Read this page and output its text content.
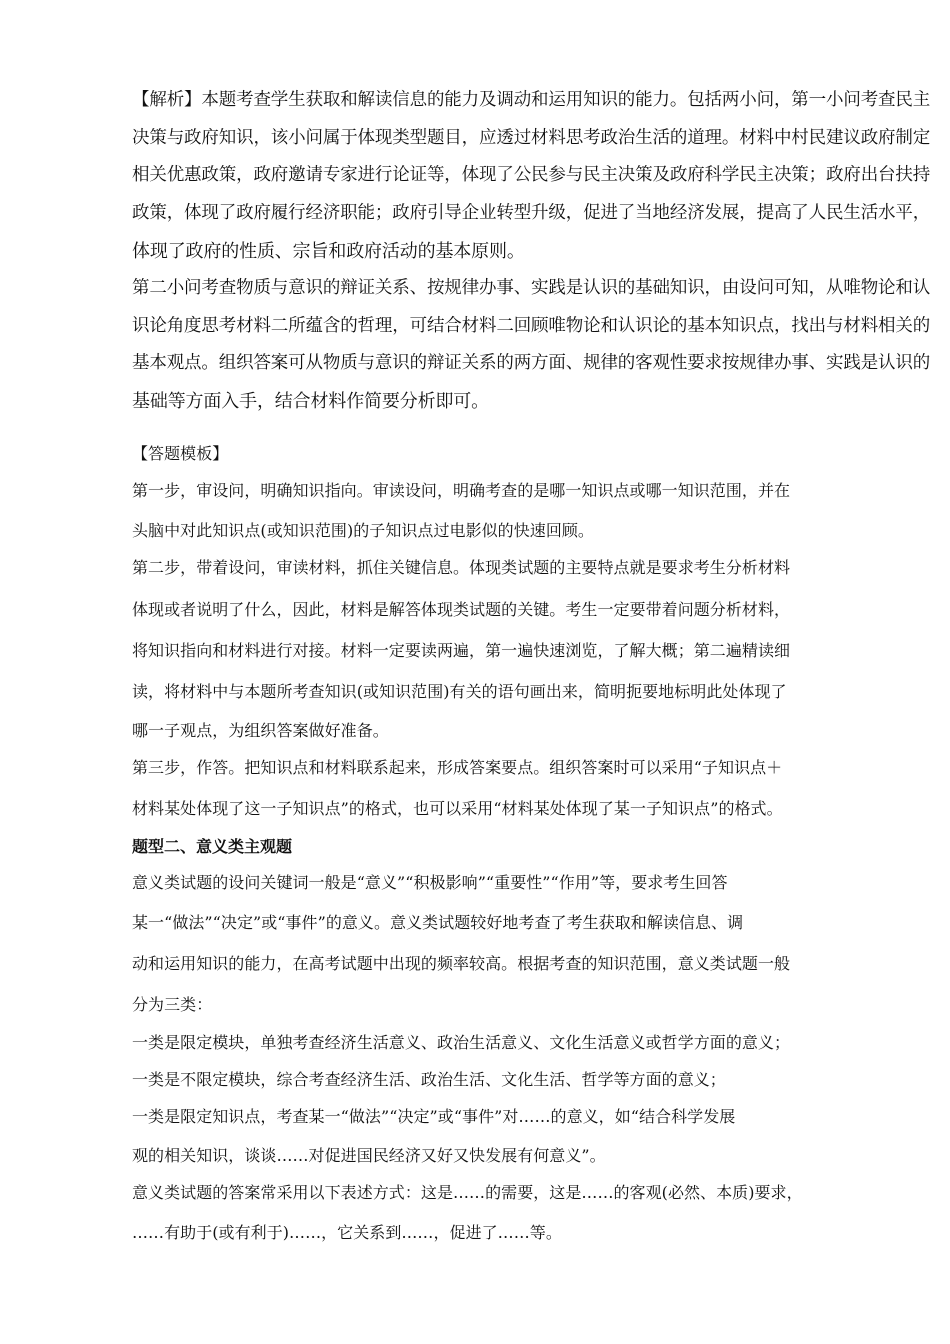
【解析】本题考查学生获取和解读信息的能力及调动和运用知识的能力。包括两小问，第一小问考查民主
决策与政府知识，该小问属于体现类型题目，应透过材料思考政治生活的道理。材料中村民建议政府制定
相关优惠政策，政府邀请专家进行论证等，体现了公民参与民主决策及政府科学民主决策；政府出台扶持
政策，体现了政府履行经济职能；政府引导企业转型升级，促进了当地经济发展，提高了人民生活水平，
体现了政府的性质、宗旨和政府活动的基本原则。
第二小问考查物质与意识的辩证关系、按规律办事、实践是认识的基础知识，由设问可知，从唯物论和认
识论角度思考材料二所蕴含的哲理，可结合材料二回顾唯物论和认识论的基本知识点，找出与材料相关的
基本观点。组织答案可从物质与意识的辩证关系的两方面、规律的客观性要求按规律办事、实践是认识的
基础等方面入手，结合材料作简要分析即可。
【答题模板】
第一步，审设问，明确知识指向。审读设问，明确考查的是哪一知识点或哪一知识范围，并在
头脑中对此知识点(或知识范围)的子知识点过电影似的快速回顾。
第二步，带着设问，审读材料，抓住关键信息。体现类试题的主要特点就是要求考生分析材料
体现或者说明了什么，因此，材料是解答体现类试题的关键。考生一定要带着问题分析材料，
将知识指向和材料进行对接。材料一定要读两遍，第一遍快速浏览，了解大概；第二遍精读细
读，将材料中与本题所考查知识(或知识范围)有关的语句画出来，简明扼要地标明此处体现了
哪一子观点，为组织答案做好准备。
第三步，作答。把知识点和材料联系起来，形成答案要点。组织答案时可以采用“子知识点＋
材料某处体现了这一子知识点”的格式，也可以采用“材料某处体现了某一子知识点”的格式。
题型二、意义类主观题
意义类试题的设问关键词一般是“意义”“积极影响”“重要性”“作用”等，要求考生回答
某一“做法”“决定”或“事件”的意义。意义类试题较好地考查了考生获取和解读信息、调
动和运用知识的能力，在高考试题中出现的频率较高。根据考查的知识范围，意义类试题一般
分为三类：
一类是限定模块，单独考查经济生活意义、政治生活意义、文化生活意义或哲学方面的意义；
一类是不限定模块，综合考查经济生活、政治生活、文化生活、哲学等方面的意义；
一类是限定知识点，考查某一“做法”“决定”或“事件”对……的意义，如“结合科学发展
观的相关知识，谈谈……对促进国民经济又好又快发展有何意义”。
意义类试题的答案常采用以下表述方式：这是……的需要，这是……的客观(必然、本质)要求，
……有助于(或有利于)……，它关系到……，促进了……等。
